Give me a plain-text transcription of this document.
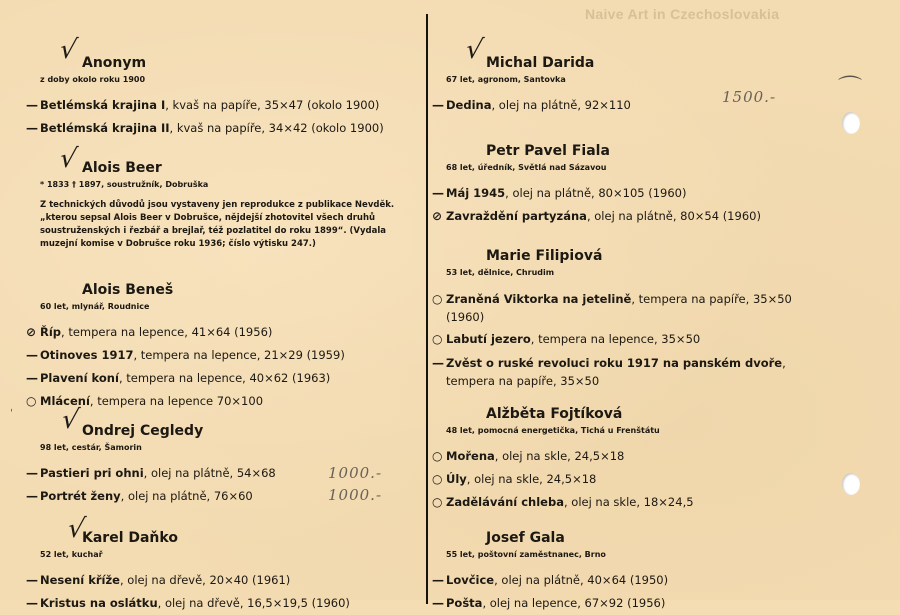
Naive Art in Czechoslovakia
√ Anonym
z doby okolo roku 1900
— Betlémská krajina I, kvaš na papíře, 35⨯47 (okolo 1900)
— Betlémská krajina II, kvaš na papíře, 34⨯42 (okolo 1900)
√ Alois Beer
* 1833 † 1897, soustružník, Dobruška
Z technických důvodů jsou vystaveny jen reprodukce z publikace Nevděk. „kterou sepsal Alois Beer v Dobrušce, nějdejší zhotovitel všech druhů soustruženských i řezbář a brejlař, též pozlatitel do roku 1899“. (Vydala muzejní komise v Dobrušce roku 1936; číslo výtisku 247.)
Alois Beneš
60 let, mlynář, Roudnice
⊘ Říp, tempera na lepence, 41⨯64 (1956)
— Otinoves 1917, tempera na lepence, 21⨯29 (1959)
— Plavení koní, tempera na lepence, 40⨯62 (1963)
○ Mlácení, tempera na lepence 70⨯100
√ Ondrej Cegledy
98 let, cestár, Šamorin
— Pastieri pri ohni, olej na plátně, 54⨯68
— Portrét ženy, olej na plátně, 76⨯60
1000.-
1000.-
√
Karel Daňko
52 let, kuchař
— Nesení kříže, olej na dřevě, 20⨯40 (1961)
— Kristus na oslátku, olej na dřevě, 16,5⨯19,5 (1960)
√ Michal Darida
67 let, agronom, Santovka
— Dedina, olej na plátně, 92⨯110	1500.-	⌒
Petr Pavel Fiala
68 let, úředník, Světlá nad Sázavou
— Máj 1945, olej na plátně, 80⨯105 (1960)
⊘ Zavraždění partyzána, olej na plátně, 80⨯54 (1960)
Marie Filipiová
53 let, dělnice, Chrudim
○ Zraněná Viktorka na jetelině, tempera na papíře, 35⨯50 (1960)
○ Labutí jezero, tempera na lepence, 35⨯50
— Zvěst o ruské revoluci roku 1917 na panském dvoře, tempera na papíře, 35⨯50
Alžběta Fojtíková
48 let, pomocná energetička, Tichá u Frenštátu
○ Mořena, olej na skle, 24,5⨯18
○ Úly, olej na skle, 24,5⨯18
○ Zadělávání chleba, olej na skle, 18⨯24,5
Josef Gala
55 let, poštovní zaměstnanec, Brno
— Lovčice, olej na plátně, 40⨯64 (1950)
— Pošta, olej na lepence, 67⨯92 (1956)
ˌ
